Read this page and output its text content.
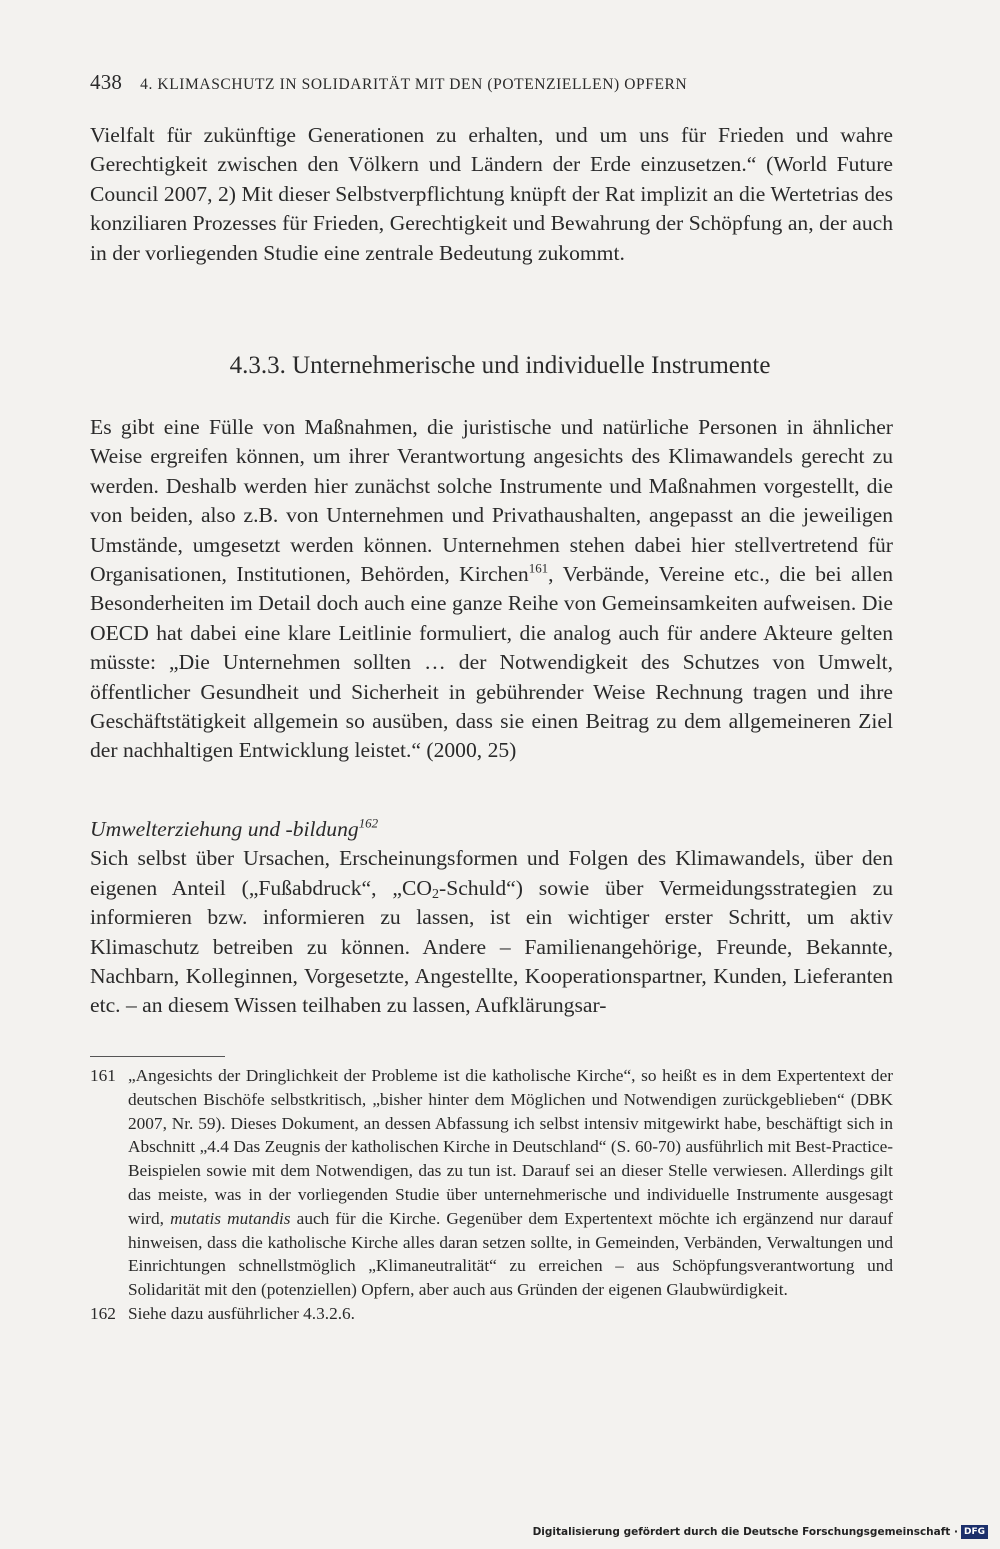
438 4. KLIMASCHUTZ IN SOLIDARITÄT MIT DEN (POTENZIELLEN) OPFERN

Vielfalt für zukünftige Generationen zu erhalten, und um uns für Frieden und wahre Gerechtigkeit zwischen den Völkern und Ländern der Erde einzusetzen.“ (World Future Council 2007, 2) Mit dieser Selbstverpflichtung knüpft der Rat implizit an die Wertetrias des konziliaren Prozesses für Frieden, Gerechtigkeit und Bewahrung der Schöpfung an, der auch in der vorliegenden Studie eine zentrale Bedeutung zukommt.

4.3.3. Unternehmerische und individuelle Instrumente

Es gibt eine Fülle von Maßnahmen, die juristische und natürliche Personen in ähnlicher Weise ergreifen können, um ihrer Verantwortung angesichts des Klimawandels gerecht zu werden. Deshalb werden hier zunächst solche Instrumente und Maßnahmen vorgestellt, die von beiden, also z.B. von Unternehmen und Privathaushalten, angepasst an die jeweiligen Umstände, umgesetzt werden können. Unternehmen stehen dabei hier stellvertretend für Organisationen, Institutionen, Behörden, Kirchen$^{161}$, Verbände, Vereine etc., die bei allen Besonderheiten im Detail doch auch eine ganze Reihe von Gemeinsamkeiten aufweisen. Die OECD hat dabei eine klare Leitlinie formuliert, die analog auch für andere Akteure gelten müsste: „Die Unternehmen sollten … der Notwendigkeit des Schutzes von Umwelt, öffentlicher Gesundheit und Sicherheit in gebührender Weise Rechnung tragen und ihre Geschäftstätigkeit allgemein so ausüben, dass sie einen Beitrag zu dem allgemeineren Ziel der nachhaltigen Entwicklung leistet.“ (2000, 25)

Umwelterziehung und -bildung$^{162}$

Sich selbst über Ursachen, Erscheinungsformen und Folgen des Klimawandels, über den eigenen Anteil („Fußabdruck“, $„CO_2-Schuld“$) sowie über Vermeidungsstrategien zu informieren bzw. informieren zu lassen, ist ein wichtiger erster Schritt, um aktiv Klimaschutz betreiben zu können. Andere – Familienangehörige, Freunde, Bekannte, Nachbarn, Kolleginnen, Vorgesetzte, Angestellte, Kooperationspartner, Kunden, Lieferanten etc. – an diesem Wissen teilhaben zu lassen, Aufklärungsar-

161 „Angesichts der Dringlichkeit der Probleme ist die katholische Kirche“, so heißt es in dem Expertentext der deutschen Bischöfe selbstkritisch, „bisher hinter dem Möglichen und Notwendigen zurückgeblieben“ (DBK 2007, Nr. 59). Dieses Dokument, an dessen Abfassung ich selbst intensiv mitgewirkt habe, beschäftigt sich in Abschnitt „4.4 Das Zeugnis der katholischen Kirche in Deutschland“ (S. 60-70) ausführlich mit Best-Practice-Beispielen sowie mit dem Notwendigen, das zu tun ist. Darauf sei an dieser Stelle verwiesen. Allerdings gilt das meiste, was in der vorliegenden Studie über unternehmerische und individuelle Instrumente ausgesagt wird, mutatis mutandis auch für die Kirche. Gegenüber dem Expertentext möchte ich ergänzend nur darauf hinweisen, dass die katholische Kirche alles daran setzen sollte, in Gemeinden, Verbänden, Verwaltungen und Einrichtungen schnellstmöglich „Klimaneutralität“ zu erreichen – aus Schöpfungsverantwortung und Solidarität mit den (potenziellen) Opfern, aber auch aus Gründen der eigenen Glaubwürdigkeit.

162 Siehe dazu ausführlicher 4.3.2.6.

Digitalisierung gefördert durch die Deutsche Forschungsgemeinschaft · DFG
